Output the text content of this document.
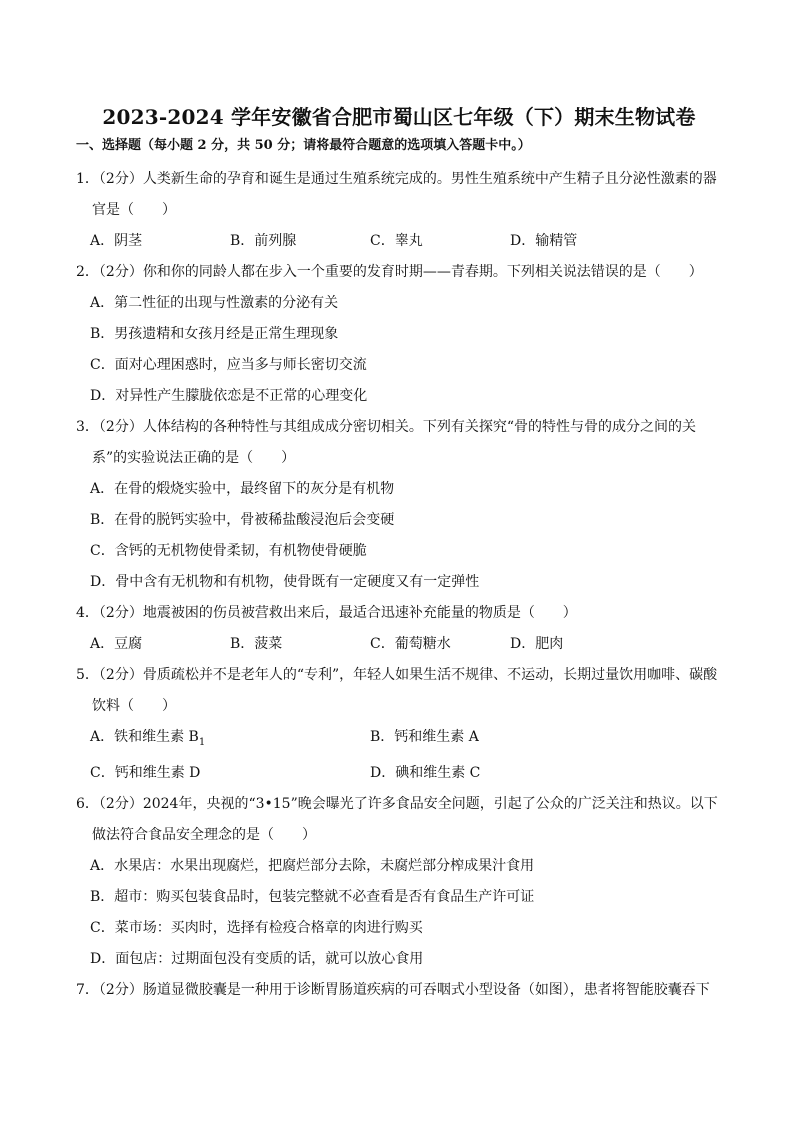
2023-2024 学年安徽省合肥市蜀山区七年级（下）期末生物试卷
一、选择题（每小题 2 分，共 50 分；请将最符合题意的选项填入答题卡中。）

1．（2分）人类新生命的孕育和诞生是通过生殖系统完成的。男性生殖系统中产生精子且分泌性激素的器官是（　　）

A．阴茎	B．前列腺	C．睾丸	D．输精管

2．（2分）你和你的同龄人都在步入一个重要的发育时期——青春期。下列相关说法错误的是（　　）

A．第二性征的出现与性激素的分泌有关
B．男孩遗精和女孩月经是正常生理现象
C．面对心理困惑时，应当多与师长密切交流
D．对异性产生朦胧依恋是不正常的心理变化

3．（2分）人体结构的各种特性与其组成成分密切相关。下列有关探究“骨的特性与骨的成分之间的关系”的实验说法正确的是（　　）

A．在骨的煅烧实验中，最终留下的灰分是有机物
B．在骨的脱钙实验中，骨被稀盐酸浸泡后会变硬
C．含钙的无机物使骨柔韧，有机物使骨硬脆
D．骨中含有无机物和有机物，使骨既有一定硬度又有一定弹性

4．（2分）地震被困的伤员被营救出来后，最适合迅速补充能量的物质是（　　）

A．豆腐	B．菠菜	C．葡萄糖水	D．肥肉

5．（2分）骨质疏松并不是老年人的“专利”，年轻人如果生活不规律、不运动，长期过量饮用咖啡、碳酸饮料（　　）

A．铁和维生素 $B_1$	B．钙和维生素 A
C．钙和维生素 D	D．碘和维生素 C

6．（2分）2024年，央视的“3•15”晚会曝光了许多食品安全问题，引起了公众的广泛关注和热议。以下做法符合食品安全理念的是（　　）

A．水果店：水果出现腐烂，把腐烂部分去除，未腐烂部分榨成果汁食用
B．超市：购买包装食品时，包装完整就不必查看是否有食品生产许可证
C．菜市场：买肉时，选择有检疫合格章的肉进行购买
D．面包店：过期面包没有变质的话，就可以放心食用

7．（2分）肠道显微胶囊是一种用于诊断胃肠道疾病的可吞咽式小型设备（如图），患者将智能胶囊吞下
